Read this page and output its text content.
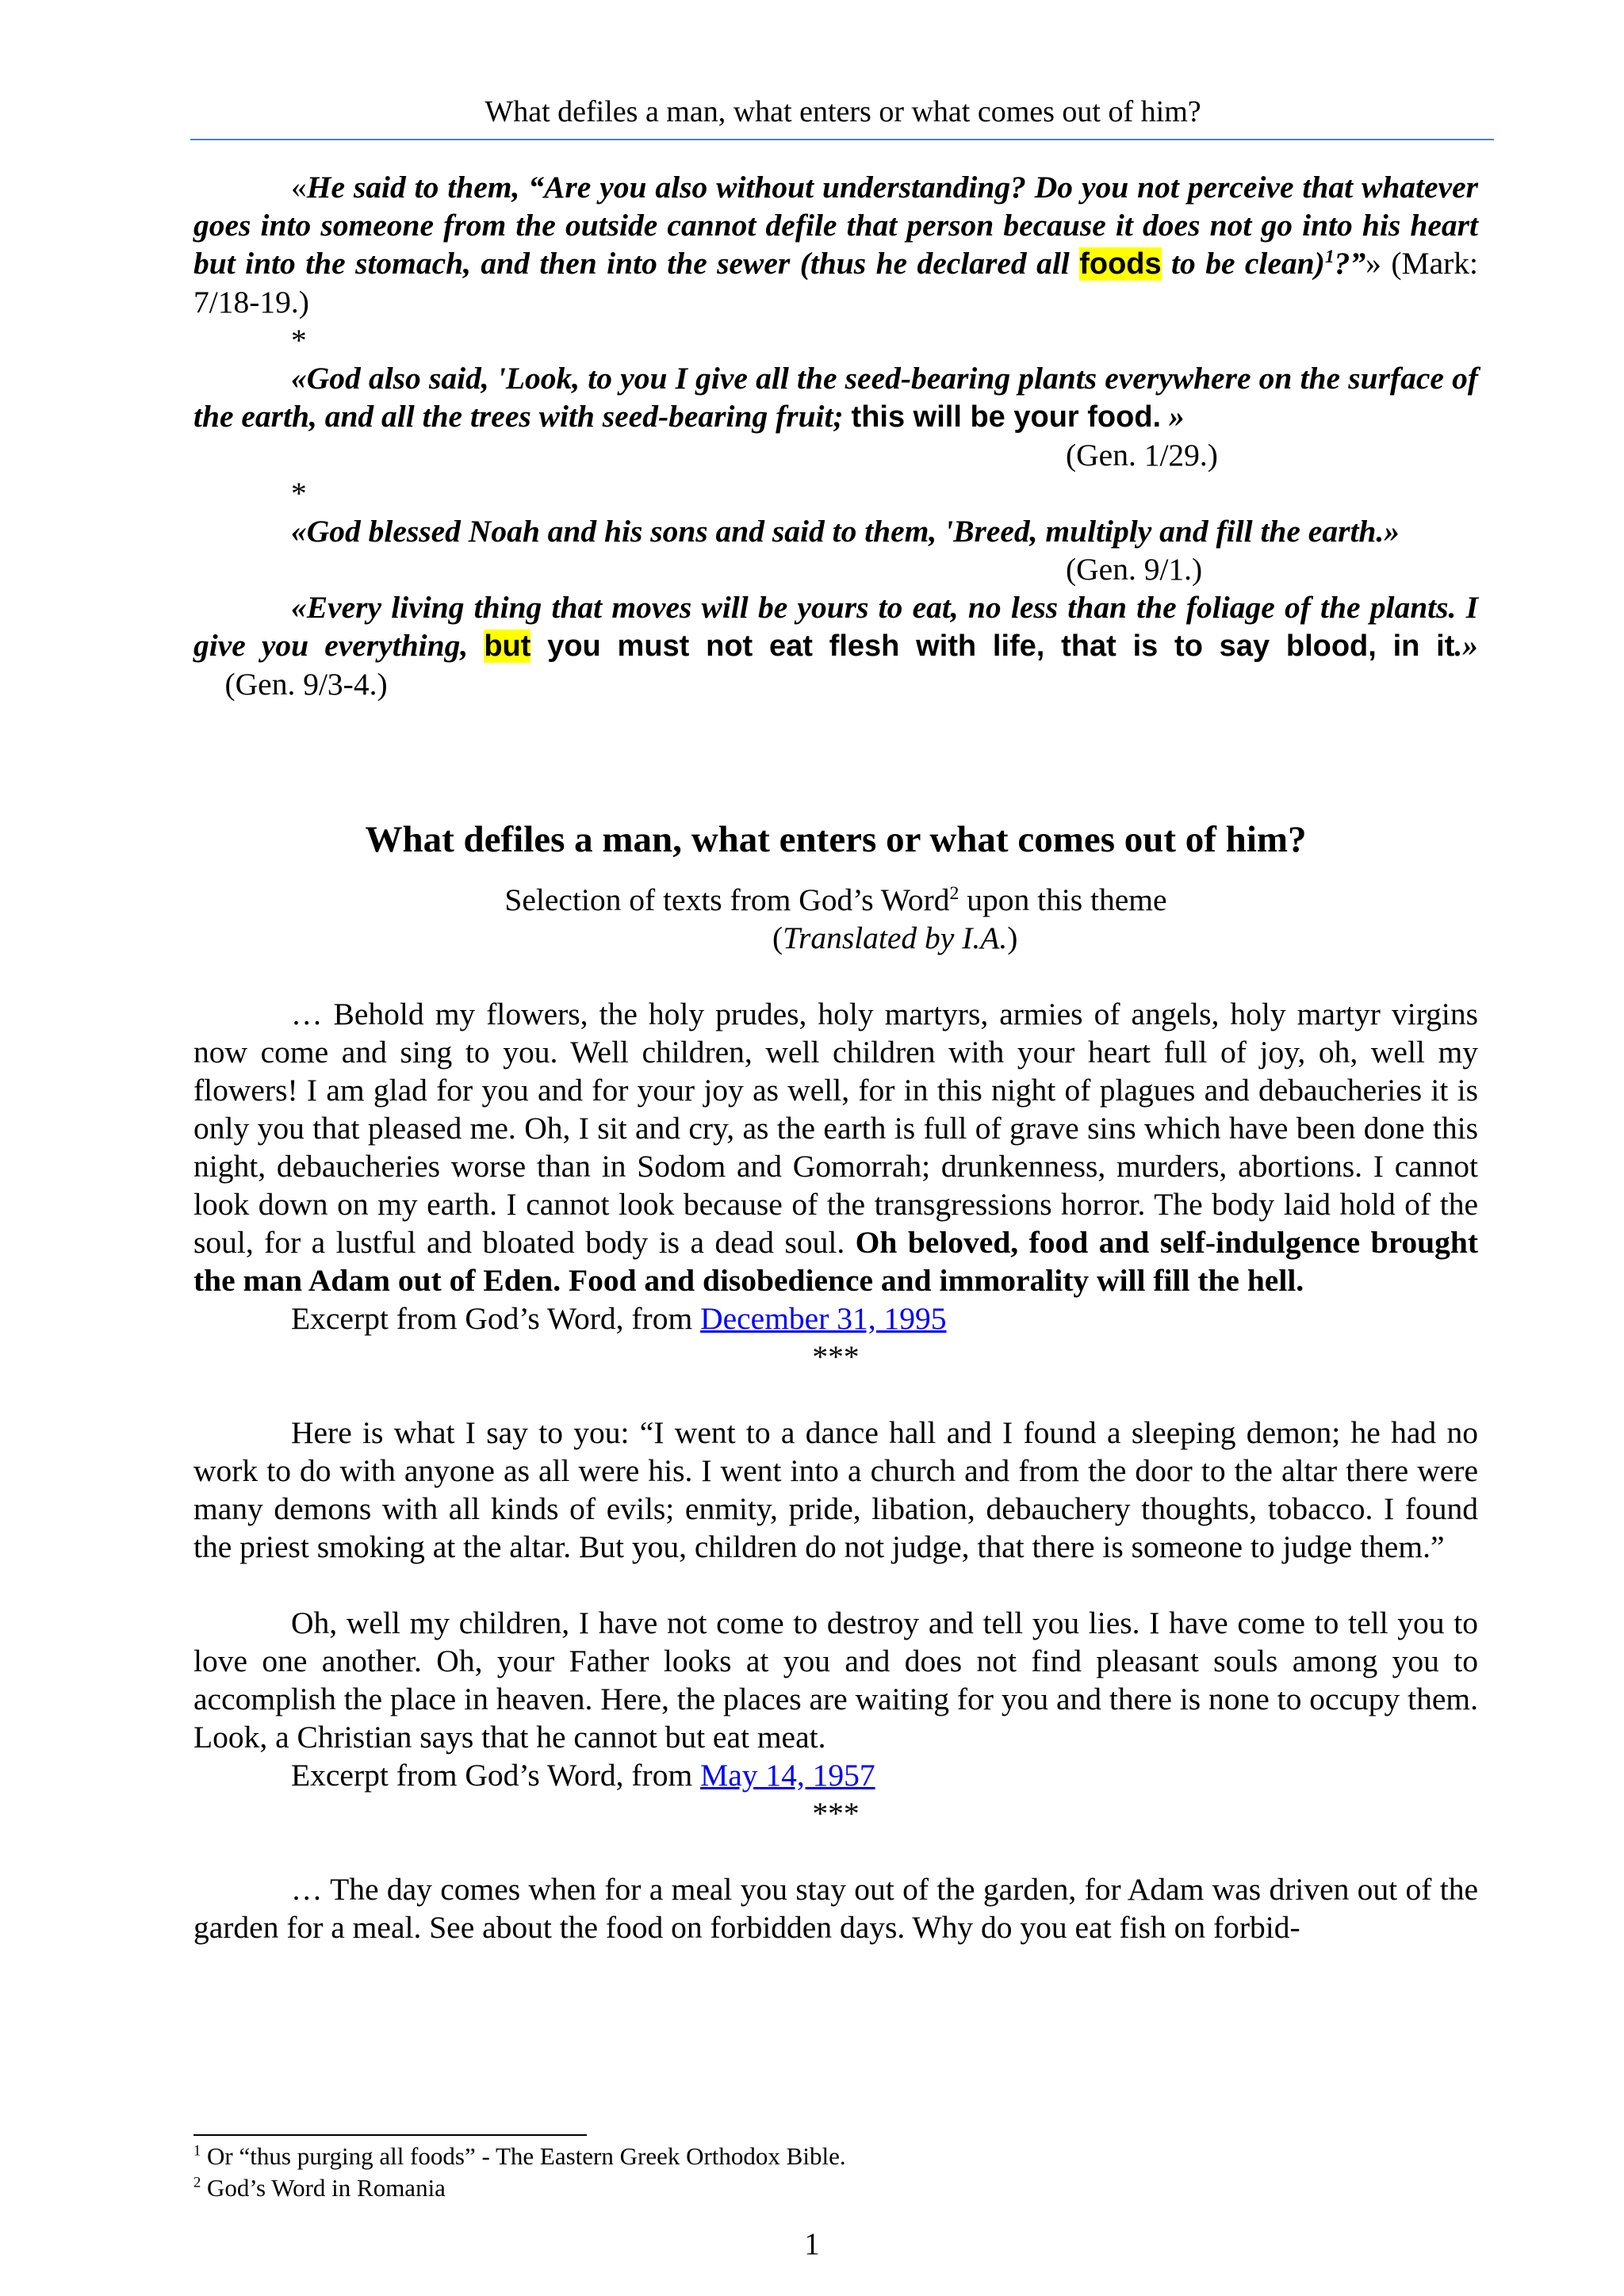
What defiles a man, what enters or what comes out of him?

«He said to them, “Are you also without understanding? Do you not perceive that whatever goes into someone from the outside cannot defile that person because it does not go into his heart but into the stomach, and then into the sewer (thus he declared all foods to be clean)$^1$?”» (Mark: 7/18-19.)

*

«God also said, 'Look, to you I give all the seed-bearing plants everywhere on the surface of the earth, and all the trees with seed-bearing fruit; this will be your food. »

(Gen. 1/29.)

*

«God blessed Noah and his sons and said to them, 'Breed, multiply and fill the earth.»

(Gen. 9/1.)

«Every living thing that moves will be yours to eat, no less than the foliage of the plants. I give you everything, but you must not eat flesh with life, that is to say blood, in it.»    (Gen. 9/3-4.)

What defiles a man, what enters or what comes out of him?

Selection of texts from God’s Word$^2$ upon this theme

(Translated by I.A.)

… Behold my flowers, the holy prudes, holy martyrs, armies of angels, holy martyr virgins now come and sing to you. Well children, well children with your heart full of joy, oh, well my flowers! I am glad for you and for your joy as well, for in this night of plagues and debaucheries it is only you that pleased me. Oh, I sit and cry, as the earth is full of grave sins which have been done this night, debaucheries worse than in Sodom and Gomorrah; drunkenness, murders, abortions. I cannot look down on my earth. I cannot look because of the transgressions horror. The body laid hold of the soul, for a lustful and bloated body is a dead soul. Oh beloved, food and self-indulgence brought the man Adam out of Eden. Food and disobedience and immorality will fill the hell.

Excerpt from God’s Word, from December 31, 1995

***

Here is what I say to you: “I went to a dance hall and I found a sleeping demon; he had no work to do with anyone as all were his. I went into a church and from the door to the altar there were many demons with all kinds of evils; enmity, pride, libation, debauchery thoughts, tobacco. I found the priest smoking at the altar. But you, children do not judge, that there is someone to judge them.”

Oh, well my children, I have not come to destroy and tell you lies. I have come to tell you to love one another. Oh, your Father looks at you and does not find pleasant souls among you to accomplish the place in heaven. Here, the places are waiting for you and there is none to occupy them. Look, a Christian says that he cannot but eat meat.

Excerpt from God’s Word, from May 14, 1957

***

… The day comes when for a meal you stay out of the garden, for Adam was driven out of the garden for a meal. See about the food on forbidden days. Why do you eat fish on forbid-

$^1$ Or “thus purging all foods” - The Eastern Greek Orthodox Bible.

$^2$ God’s Word in Romania

1
